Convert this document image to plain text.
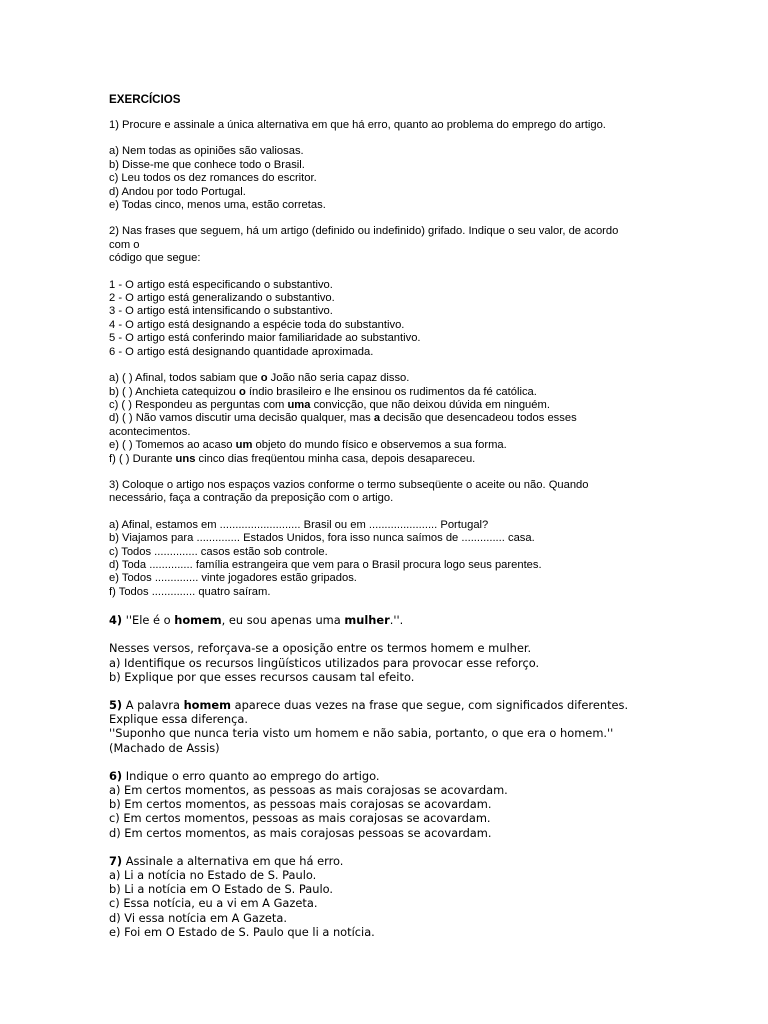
EXERCÍCIOS

1) Procure e assinale a única alternativa em que há erro, quanto ao problema do emprego do artigo.

a) Nem todas as opiniões são valiosas.

b) Disse-me que conhece todo o Brasil.

c) Leu todos os dez romances do escritor.

d) Andou por todo Portugal.

e) Todas cinco, menos uma, estão corretas.

2) Nas frases que seguem, há um artigo (definido ou indefinido) grifado. Indique o seu valor, de acordo

com o

código que segue:

1 - O artigo está especificando o substantivo.

2 - O artigo está generalizando o substantivo.

3 - O artigo está intensificando o substantivo.

4 - O artigo está designando a espécie toda do substantivo.

5 - O artigo está conferindo maior familiaridade ao substantivo.

6 - O artigo está designando quantidade aproximada.

a) ( ) Afinal, todos sabiam que o João não seria capaz disso.

b) ( ) Anchieta catequizou o índio brasileiro e lhe ensinou os rudimentos da fé católica.

c) ( ) Respondeu as perguntas com uma convicção, que não deixou dúvida em ninguém.

d) ( ) Não vamos discutir uma decisão qualquer, mas a decisão que desencadeou todos esses

acontecimentos.

e) ( ) Tomemos ao acaso um objeto do mundo físico e observemos a sua forma.

f) ( ) Durante uns cinco dias freqüentou minha casa, depois desapareceu.

3) Coloque o artigo nos espaços vazios conforme o termo subseqüente o aceite ou não. Quando

necessário, faça a contração da preposição com o artigo.

a) Afinal, estamos em .......................... Brasil ou em ...................... Portugal?

b) Viajamos para .............. Estados Unidos, fora isso nunca saímos de .............. casa.

c) Todos .............. casos estão sob controle.

d) Toda .............. família estrangeira que vem para o Brasil procura logo seus parentes.

e) Todos .............. vinte jogadores estão gripados.

f) Todos .............. quatro saíram.

4) ''Ele é o homem, eu sou apenas uma mulher.''.

Nesses versos, reforçava-se a oposição entre os termos homem e mulher.

a) Identifique os recursos lingüísticos utilizados para provocar esse reforço.

b) Explique por que esses recursos causam tal efeito.

5) A palavra homem aparece duas vezes na frase que segue, com significados diferentes.

Explique essa diferença.

''Suponho que nunca teria visto um homem e não sabia, portanto, o que era o homem.''

(Machado de Assis)

6) Indique o erro quanto ao emprego do artigo.

a) Em certos momentos, as pessoas as mais corajosas se acovardam.

b) Em certos momentos, as pessoas mais corajosas se acovardam.

c) Em certos momentos, pessoas as mais corajosas se acovardam.

d) Em certos momentos, as mais corajosas pessoas se acovardam.

7) Assinale a alternativa em que há erro.

a) Li a notícia no Estado de S. Paulo.

b) Li a notícia em O Estado de S. Paulo.

c) Essa notícia, eu a vi em A Gazeta.

d) Vi essa notícia em A Gazeta.

e) Foi em O Estado de S. Paulo que li a notícia.
